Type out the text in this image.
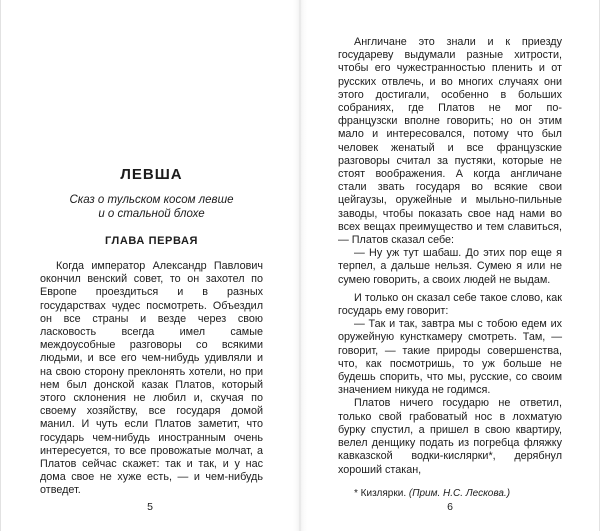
ЛЕВША
Сказ о тульском косом левше
и о стальной блохе
ГЛАВА ПЕРВАЯ

Когда император Александр Павлович окончил венский совет, то он захотел по Европе проездиться и в разных государствах чудес посмотреть. Объездил он все страны и везде через свою ласковость всегда имел самые междоусобные разговоры со всякими людьми, и все его чем-нибудь удивляли и на свою сторону преклонять хотели, но при нем был донской казак Платов, который этого склонения не любил и, скучая по своему хозяйству, все государя домой манил. И чуть если Платов заметит, что государь чем-нибудь иностранным очень интересуется, то все провожатые молчат, а Платов сейчас скажет: так и так, и у нас дома свое не хуже есть, — и чем-нибудь отведет.

5

Англичане это знали и к приезду государеву выдумали разные хитрости, чтобы его чужестранностью пленить и от русских отвлечь, и во многих случаях они этого достигали, особенно в больших собраниях, где Платов не мог по-французски вполне говорить; но он этим мало и интересовался, потому что был человек женатый и все французские разговоры считал за пустяки, которые не стоят воображения. А когда англичане стали звать государя во всякие свои цейгаузы, оружейные и мыльно-пильные заводы, чтобы показать свое над нами во всех вещах преимущество и тем славиться, — Платов сказал себе:

— Ну уж тут шабаш. До этих пор еще я терпел, а дальше нельзя. Сумею я или не сумею говорить, а своих людей не выдам.

И только он сказал себе такое слово, как государь ему говорит:

— Так и так, завтра мы с тобою едем их оружейную кунсткамеру смотреть. Там, — говорит, — такие природы совершенства, что, как посмотришь, то уж больше не будешь спорить, что мы, русские, со своим значением никуда не годимся.

Платов ничего государю не ответил, только свой грабоватый нос в лохматую бурку спустил, а пришел в свою квартиру, велел денщику подать из погребца фляжку кавказской водки-кислярки*, дерябнул хороший стакан,

* Кизлярки. (Прим. Н.С. Лескова.)
6
